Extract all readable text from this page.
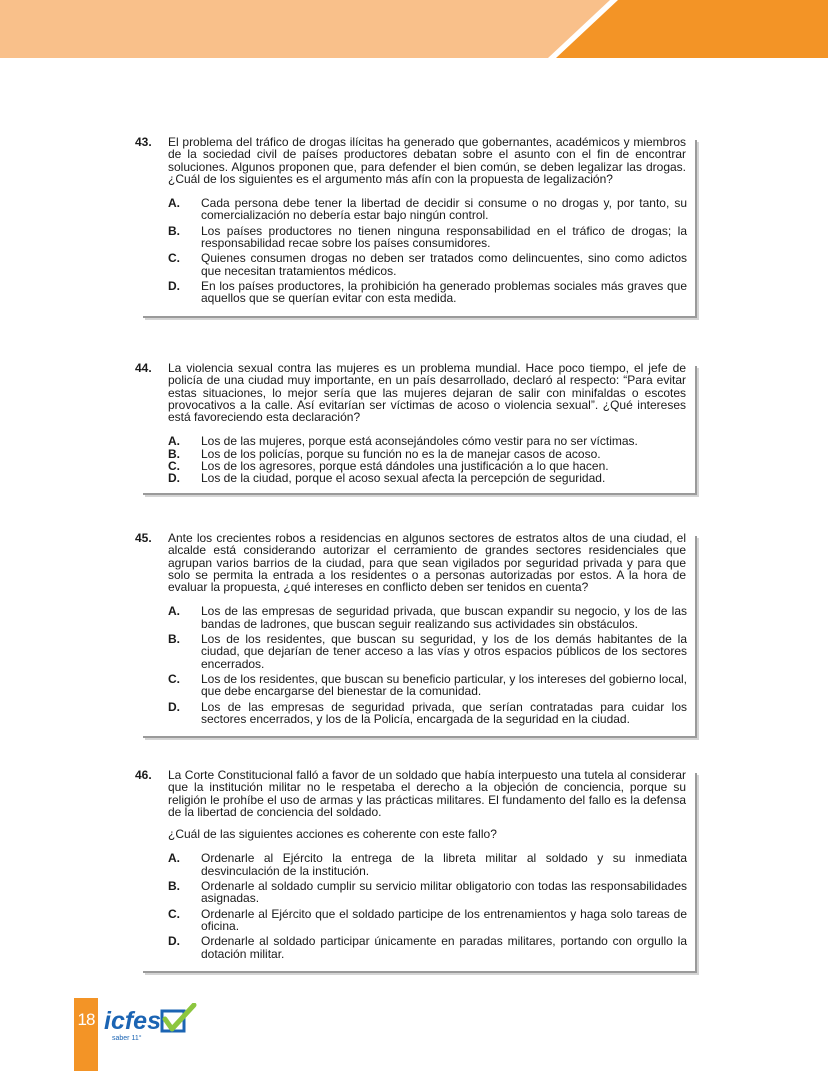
43.	El problema del tráfico de drogas ilícitas ha generado que gobernantes, académicos y miembros de la sociedad civil de países productores debatan sobre el asunto con el fin de encontrar soluciones. Algunos proponen que, para defender el bien común, se deben legalizar las drogas. ¿Cuál de los siguientes es el argumento más afín con la propuesta de legalización?
A.	Cada persona debe tener la libertad de decidir si consume o no drogas y, por tanto, su comercialización no debería estar bajo ningún control.
B.	Los países productores no tienen ninguna responsabilidad en el tráfico de drogas; la responsabilidad recae sobre los países consumidores.
C.	Quienes consumen drogas no deben ser tratados como delincuentes, sino como adictos que necesitan tratamientos médicos.
D.	En los países productores, la prohibición ha generado problemas sociales más graves que aquellos que se querían evitar con esta medida.
44.	La violencia sexual contra las mujeres es un problema mundial. Hace poco tiempo, el jefe de policía de una ciudad muy importante, en un país desarrollado, declaró al respecto: “Para evitar estas situaciones, lo mejor sería que las mujeres dejaran de salir con minifaldas o escotes provocativos a la calle. Así evitarían ser víctimas de acoso o violencia sexual”. ¿Qué intereses está favoreciendo esta declaración?
A.	Los de las mujeres, porque está aconsejándoles cómo vestir para no ser víctimas.
B.	Los de los policías, porque su función no es la de manejar casos de acoso.
C.	Los de los agresores, porque está dándoles una justificación a lo que hacen.
D.	Los de la ciudad, porque el acoso sexual afecta la percepción de seguridad.
45.	Ante los crecientes robos a residencias en algunos sectores de estratos altos de una ciudad, el alcalde está considerando autorizar el cerramiento de grandes sectores residenciales que agrupan varios barrios de la ciudad, para que sean vigilados por seguridad privada y para que solo se permita la entrada a los residentes o a personas autorizadas por estos. A la hora de evaluar la propuesta, ¿qué intereses en conflicto deben ser tenidos en cuenta?
A.	Los de las empresas de seguridad privada, que buscan expandir su negocio, y los de las bandas de ladrones, que buscan seguir realizando sus actividades sin obstáculos.
B.	Los de los residentes, que buscan su seguridad, y los de los demás habitantes de la ciudad, que dejarían de tener acceso a las vías y otros espacios públicos de los sectores encerrados.
C.	Los de los residentes, que buscan su beneficio particular, y los intereses del gobierno local, que debe encargarse del bienestar de la comunidad.
D.	Los de las empresas de seguridad privada, que serían contratadas para cuidar los sectores encerrados, y los de la Policía, encargada de la seguridad en la ciudad.
46.	La Corte Constitucional falló a favor de un soldado que había interpuesto una tutela al considerar que la institución militar no le respetaba el derecho a la objeción de conciencia, porque su religión le prohíbe el uso de armas y las prácticas militares. El fundamento del fallo es la defensa de la libertad de conciencia del soldado.
¿Cuál de las siguientes acciones es coherente con este fallo?
A.	Ordenarle al Ejército la entrega de la libreta militar al soldado y su inmediata desvinculación de la institución.
B.	Ordenarle al soldado cumplir su servicio militar obligatorio con todas las responsabilidades asignadas.
C.	Ordenarle al Ejército que el soldado participe de los entrenamientos y haga solo tareas de oficina.
D.	Ordenarle al soldado participar únicamente en paradas militares, portando con orgullo la dotación militar.
18 icfes
saber 11°
